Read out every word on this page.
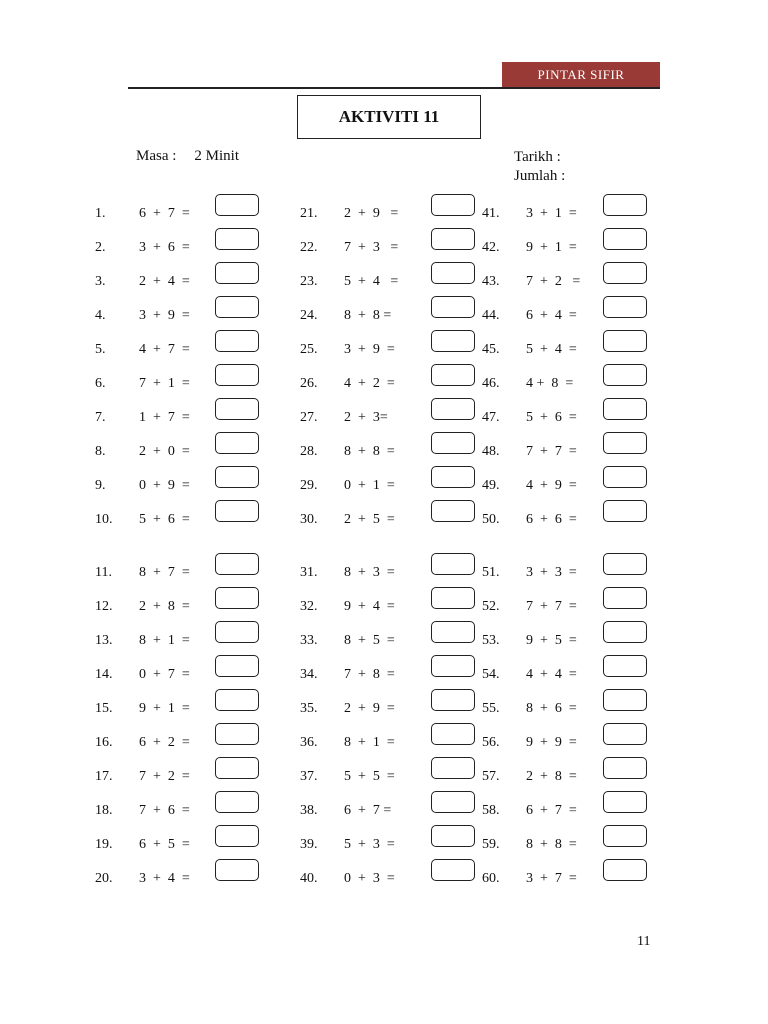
PINTAR SIFIR
AKTIVITI 11
Masa : 2 Minit	Tarikh :
Jumlah :
1.	6  +  7  =
2.	3  +  6  =
3.	2  +  4  =
4.	3  +  9  =
5.	4  +  7  =
6.	7  +  1  =
7.	1  +  7  =
8.	2  +  0  =
9.	0  +  9  =
10.	5  +  6  =
11.	8  +  7  =
12.	2  +  8  =
13.	8  +  1  =
14.	0  +  7  =
15.	9  +  1  =
16.	6  +  2  =
17.	7  +  2  =
18.	7  +  6  =
19.	6  +  5  =
20.	3  +  4  =
21.	2  +  9   =
22.	7  +  3   =
23.	5  +  4   =
24.	8  +  8 =
25.	3  +  9  =
26.	4  +  2  =
27.	2  +  3=
28.	8  +  8  =
29.	0  +  1  =
30.	2  +  5  =
31.	8  +  3  =
32.	9  +  4  =
33.	8  +  5  =
34.	7  +  8  =
35.	2  +  9  =
36.	8  +  1  =
37.	5  +  5  =
38.	6  +  7 =
39.	5  +  3  =
40.	0  +  3  =
41.	3  +  1  =
42.	9  +  1  =
43.	7  +  2   =
44.	6  +  4  =
45.	5  +  4  =
46.	4 +  8  =
47.	5  +  6  =
48.	7  +  7  =
49.	4  +  9  =
50.	6  +  6  =
51.	3  +  3  =
52.	7  +  7  =
53.	9  +  5  =
54.	4  +  4  =
55.	8  +  6  =
56.	9  +  9  =
57.	2  +  8  =
58.	6  +  7  =
59.	8  +  8  =
60.	3  +  7  =
11
